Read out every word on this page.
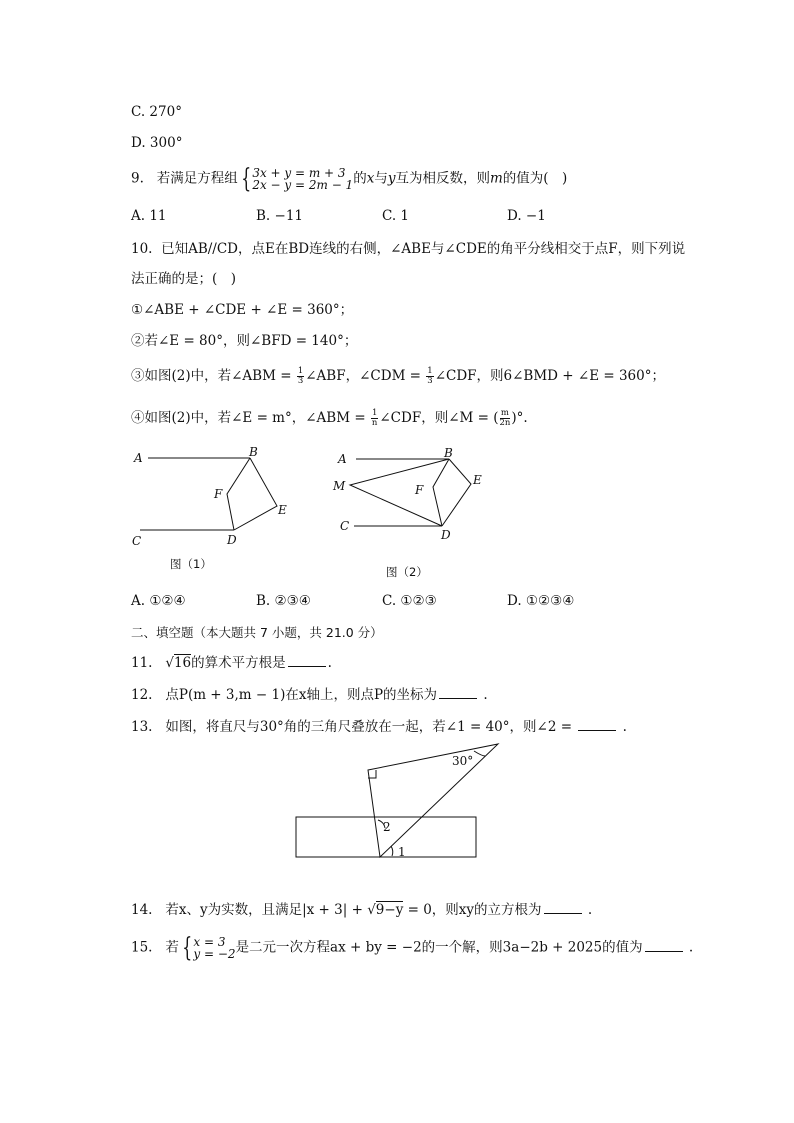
C. 270°
D. 300°
9. 若满足方程组 { 3x + y = m + 3
2x − y = 2m − 1 的x与y互为相反数，则m的值为(　)
A. 11	B. −11	C. 1	D. −1
10. 已知AB//CD，点E在BD连线的右侧，∠ABE与∠CDE的角平分线相交于点F，则下列说
法正确的是；(　)
①∠ABE + ∠CDE + ∠E = 360°；
②若∠E = 80°，则∠BFD = 140°；
③如图(2)中，若∠ABM = $\frac{1}{3}$ ∠ABF，∠CDM = $\frac{1}{3}$ ∠CDF，则6∠BMD + ∠E = 360°；
④如图(2)中，若∠E = m°，∠ABM = $\frac{1}{n}$ ∠CDF，则∠M = ( $\frac{m}{2n}$ )°.
A	B
C	D
E
F
图（1）
A	B
C
D
E
F
M
图（2）
A. ①②④	B. ②③④	C. ①②③	D. ①②③④
二、填空题（本大题共 7 小题，共 21.0 分）
11. √16的算术平方根是	.
12. 点P(m + 3,m − 1)在x轴上，则点P的坐标为	.
13. 如图，将直尺与30°角的三角尺叠放在一起，若∠1 = 40°，则∠2 =	.
30°
2
1
14. 若x、y为实数，且满足|x + 3| + √9−y = 0，则xy的立方根为	.
15. 若 { x = 3
y = −2 是二元一次方程ax + by = −2的一个解，则3a−2b + 2025的值为	.
